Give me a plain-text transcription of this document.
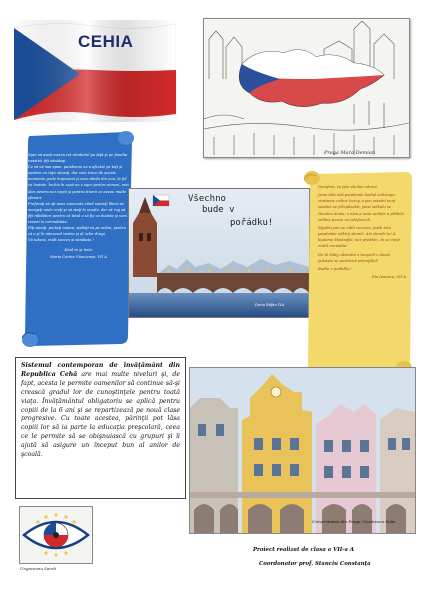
CEHIA
Praga Mara Demian

Sper să aveţi mereu tot zâmbetul pe faţă şi pe familia voastră, fiţi sănătoşi.

Ce să vă mai spun, pandemia ne-a afectat pe toţi şi suntem cu toţii obosiţi, dar vom trece de aceste momente grele împreună şi vom zâmbi din nou, la fel ca înainte. Închis în casă nu e uşor pentru nimeni, mai ales pentru noi copiii şi pentru tinerii ce aveau multe planuri.

Preferaţi să aţi avea momente când sunteţi liberi să mergeţi unde vreţi şi să staţi în scoala, dar vă rog să fiţi răbdători pentru că totul o să fie ca înainte şi vom reveni la normalitate.

Fiţi atenţi, purtaţi masca, spălaţi-vă pe mâini, pentru că e şi în interesul vostru şi al celor dragi.

Vă iubesc, mult succes şi sănătate !

Kind re şi Imbr

Maria Corina Gioncenea, VII A

Všechno
bude v
pořádku!
Daria Băfan IVA

Dorafem, že jste všichni zdraví.

Jsme děti náš pandemie hodně ovlivnuje: ztrátame online kurzy, a pro ostatní není snadné se přizpůsobit, jsme setkalo se životem doma, s nám a nože ucitele a přátele vidíme pouze na telefonech.

Myslím jste se cítili znuceni, jestli toto pandemie něktrý skonči. Ale skončí to! A budeme šťastnější, než předtím, že se život vrátil normální.

Do té doby zůstaňte v bezpečí v domě, pokuste se pozitivně přemýšlet!

Buďte v pořádku!

Ilia Ionescu, VII A

Sistemul contemporan de învăţământ din Republica Cehă are mai multe niveluri şi, de fapt, acesta le permite oamenilor să continue să-şi crească gradul lor de cunoştinţele pentru toată viaţa. Învăţământul obligatoriu se aplică pentru copiii de la 6 ani şi se repartizează pe nouă clase progresive. Cu toate acestea, părinţii pot lăsa copiii lor să ia parte la educaţia preşcolară, ceea ce le permite să se obişnuiască cu grupuri şi îi ajută să asigure un început bun al anilor de şcoală.
Ungureanu Sarah
Universitatea din Praga: Cozărescu Sofie
Proiect realizat de clasa a VII-a A
Coordonator prof. Stanciu Constanţa
